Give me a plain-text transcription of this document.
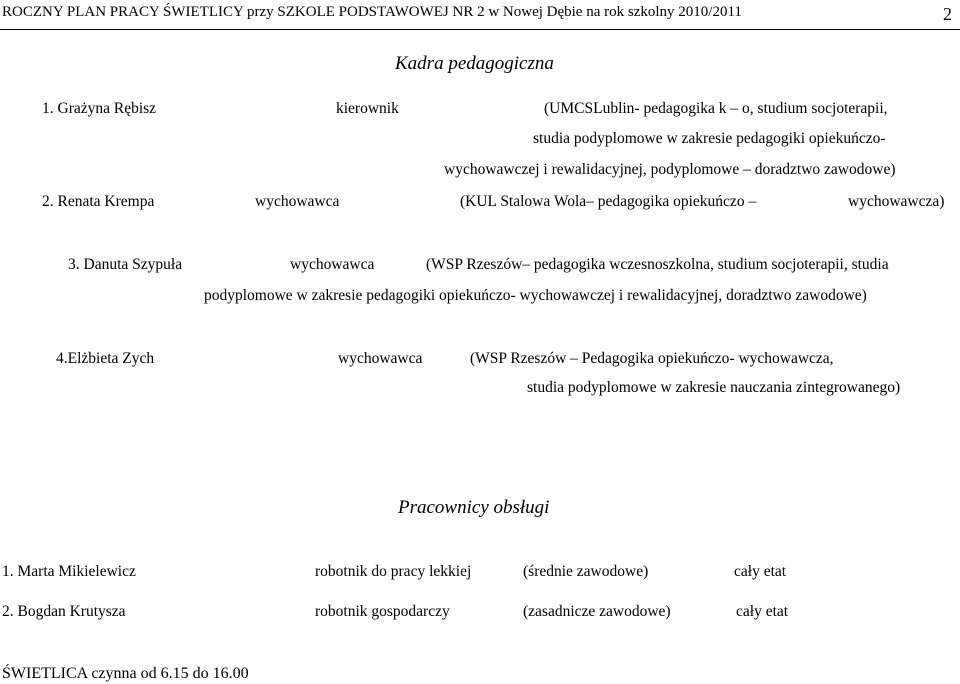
ROCZNY PLAN PRACY ŚWIETLICY przy SZKOLE PODSTAWOWEJ NR 2 w Nowej Dębie na rok szkolny 2010/2011	2
Kadra pedagogiczna
1. Grażyna Rębisz	kierownik	(UMCSLublin- pedagogika k – o, studium socjoterapii,
studia podyplomowe w zakresie pedagogiki opiekuńczo-
wychowawczej i rewalidacyjnej, podyplomowe – doradztwo zawodowe)
2. Renata Krempa	wychowawca	(KUL Stalowa Wola– pedagogika opiekuńczo –	wychowawcza)
3. Danuta Szypuła	wychowawca	(WSP Rzeszów– pedagogika wczesnoszkolna, studium socjoterapii, studia
podyplomowe w zakresie pedagogiki opiekuńczo- wychowawczej i rewalidacyjnej, doradztwo zawodowe)
4.Elżbieta Zych	wychowawca	(WSP Rzeszów – Pedagogika opiekuńczo- wychowawcza,
studia podyplomowe w zakresie nauczania zintegrowanego)
Pracownicy obsługi
1. Marta Mikielewicz	robotnik do pracy lekkiej	(średnie zawodowe)	cały etat
2. Bogdan Krutysza	robotnik gospodarczy	(zasadnicze zawodowe)	cały etat
ŚWIETLICA czynna od 6.15 do 16.00
